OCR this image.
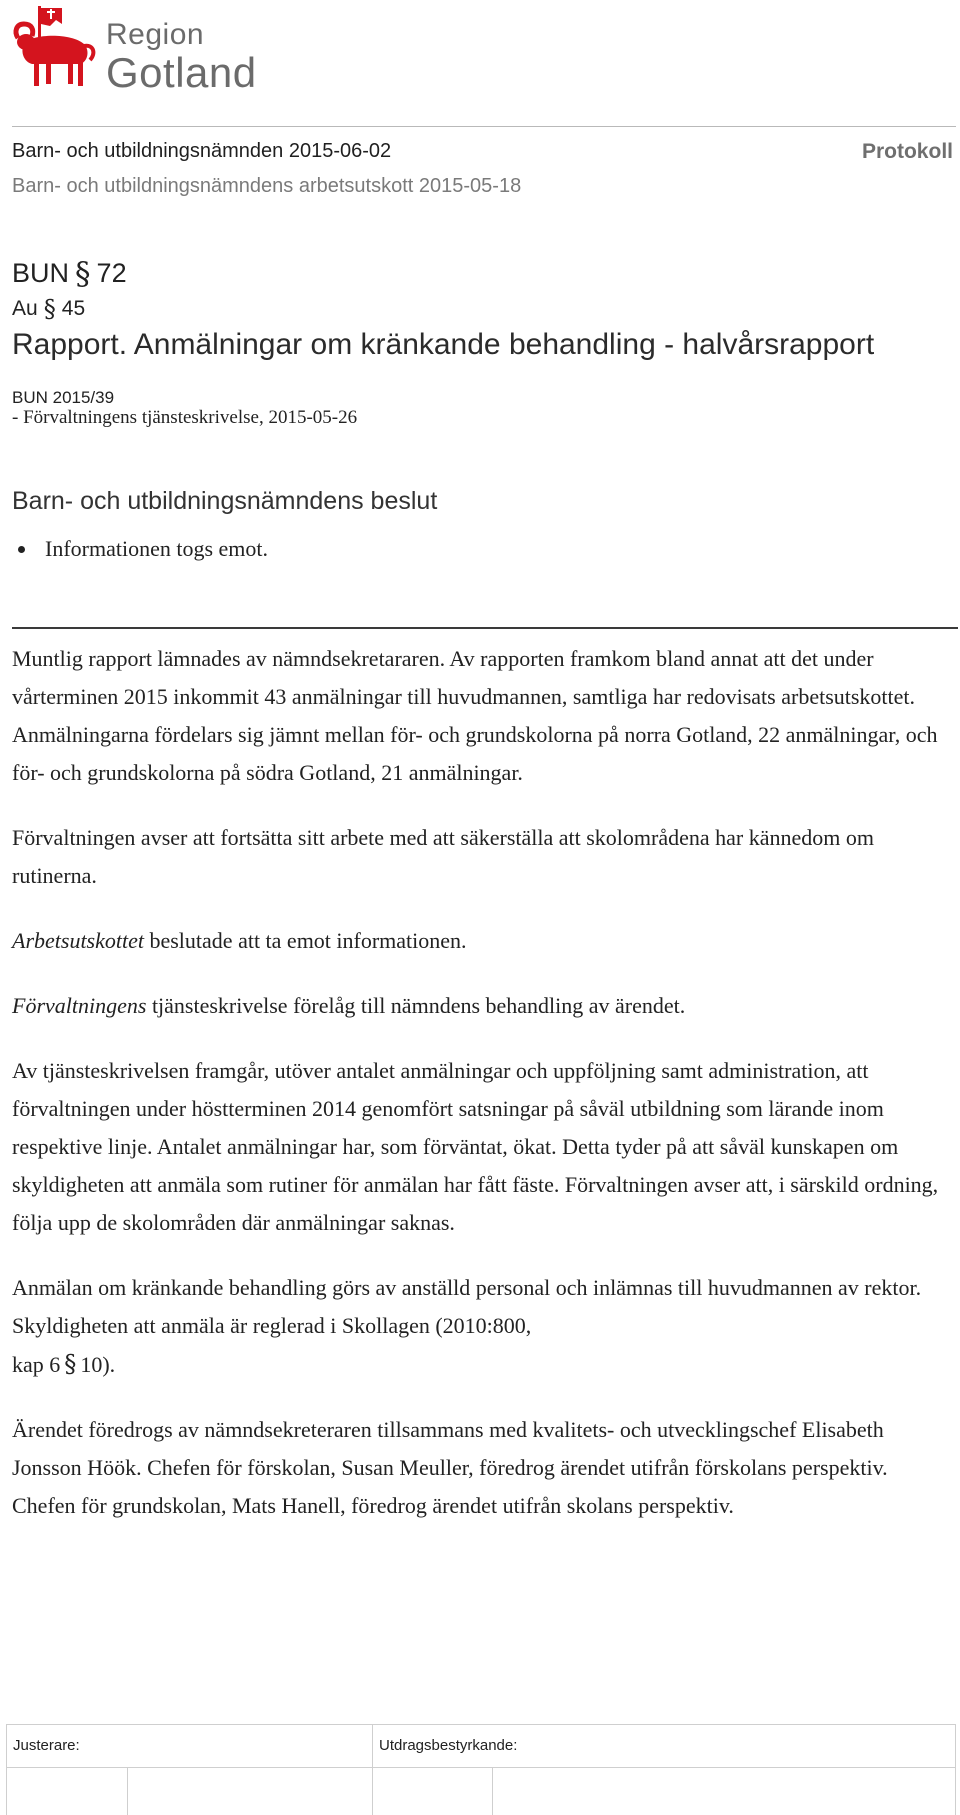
Region
Gotland
Barn- och utbildningsnämnden 2015-06-02
Barn- och utbildningsnämndens arbetsutskott 2015-05-18
Protokoll
BUN § 72
Au § 45
Rapport. Anmälningar om kränkande behandling - halvårsrapport
BUN 2015/39
- Förvaltningens tjänsteskrivelse, 2015-05-26
Barn- och utbildningsnämndens beslut
Informationen togs emot.

Muntlig rapport lämnades av nämndsekretararen. Av rapporten framkom bland annat att det under vårterminen 2015 inkommit 43 anmälningar till huvudmannen, samtliga har redovisats arbetsutskottet. Anmälningarna fördelars sig jämnt mellan för- och grundskolorna på norra Gotland, 22 anmälningar, och för- och grundskolorna på södra Gotland, 21 anmälningar.

Förvaltningen avser att fortsätta sitt arbete med att säkerställa att skolområdena har kännedom om rutinerna.

Arbetsutskottet beslutade att ta emot informationen.

Förvaltningens tjänsteskrivelse förelåg till nämndens behandling av ärendet.

Av tjänsteskrivelsen framgår, utöver antalet anmälningar och uppföljning samt administration, att förvaltningen under höstterminen 2014 genomfört satsningar på såväl utbildning som lärande inom respektive linje. Antalet anmälningar har, som förväntat, ökat. Detta tyder på att såväl kunskapen om skyldigheten att anmäla som rutiner för anmälan har fått fäste. Förvaltningen avser att, i särskild ordning, följa upp de skolområden där anmälningar saknas.

Anmälan om kränkande behandling görs av anställd personal och inlämnas till huvudmannen av rektor. Skyldigheten att anmäla är reglerad i Skollagen (2010:800,
kap 6 § 10).

Ärendet föredrogs av nämndsekreteraren tillsammans med kvalitets- och utvecklingschef Elisabeth Jonsson Höök. Chefen för förskolan, Susan Meuller, föredrog ärendet utifrån förskolans perspektiv. Chefen för grundskolan, Mats Hanell, föredrog ärendet utifrån skolans perspektiv.

Justerare:	Utdragsbestyrkande:
